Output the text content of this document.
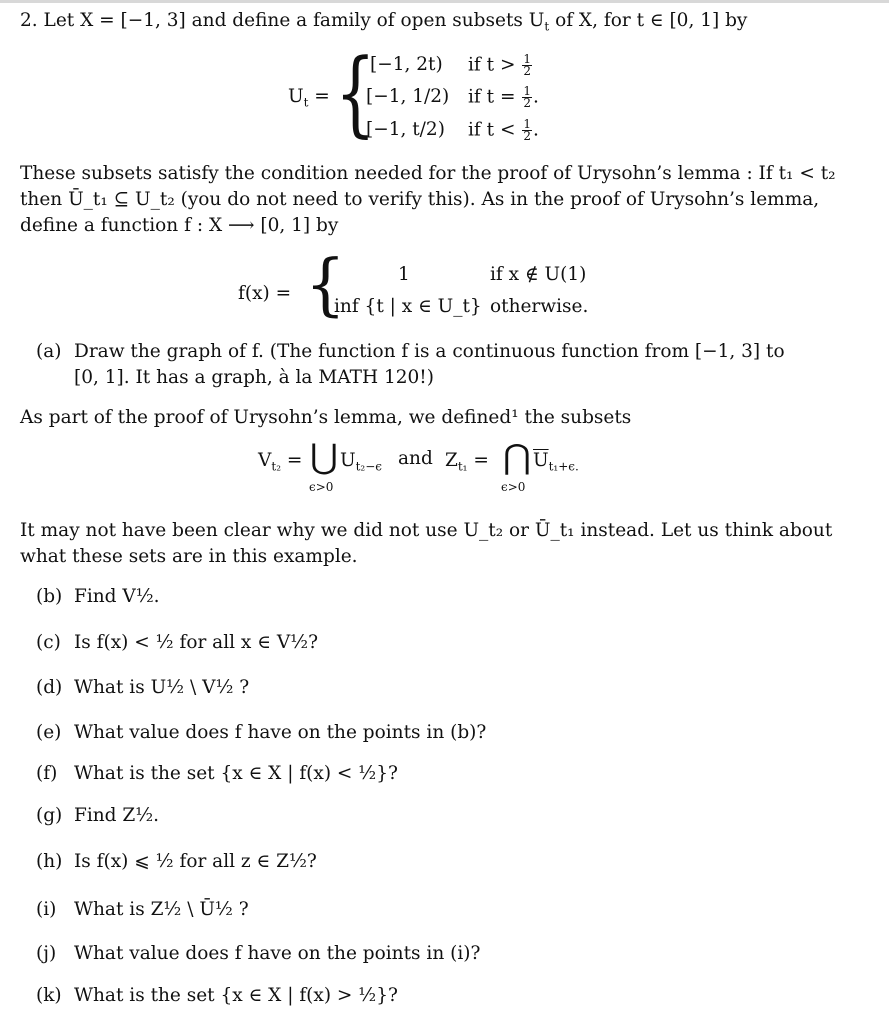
2. Let X = [−1, 3] and define a family of open subsets $U_t$ of X, for t ∈ [0, 1] by
$U_t$ = {
[−1, 2t) if $t > \frac{1}{2}$
[−1, 1/2) if $t = \frac{1}{2}$ .
[−1, t/2) if $t < \frac{1}{2}$ .
These subsets satisfy the condition needed for the proof of Urysohn’s lemma : If t₁ < t₂
then Ū_t₁ ⊆ U_t₂ (you do not need to verify this). As in the proof of Urysohn’s lemma,
define a function f : X ⟶ [0, 1] by
f(x) = {	1	if x ∉ U(1)
inf {t | x ∈ U_t} otherwise.
(a) Draw the graph of f. (The function f is a continuous function from [−1, 3] to
[0, 1]. It has a graph, à la MATH 120!)
As part of the proof of Urysohn’s lemma, we defined¹ the subsets
$V_{t_2}$ = ⋃
ϵ>0
$U_{t_2-\epsilon}$ and $Z_{t_1}$ = ⋂
ϵ>0
$\overline{U}_{t_1+\epsilon.}$
It may not have been clear why we did not use U_t₂ or Ū_t₁ instead. Let us think about
what these sets are in this example.
(b) Find V½.
(c) Is f(x) < ½ for all x ∈ V½?
(d) What is U½ \ V½ ?
(e) What value does f have on the points in (b)?
(f) What is the set {x ∈ X | f(x) < ½}?
(g) Find Z½.
(h) Is f(x) ⩽ ½ for all z ∈ Z½?
(i) What is Z½ \ Ū½ ?
(j) What value does f have on the points in (i)?
(k) What is the set {x ∈ X | f(x) > ½}?
